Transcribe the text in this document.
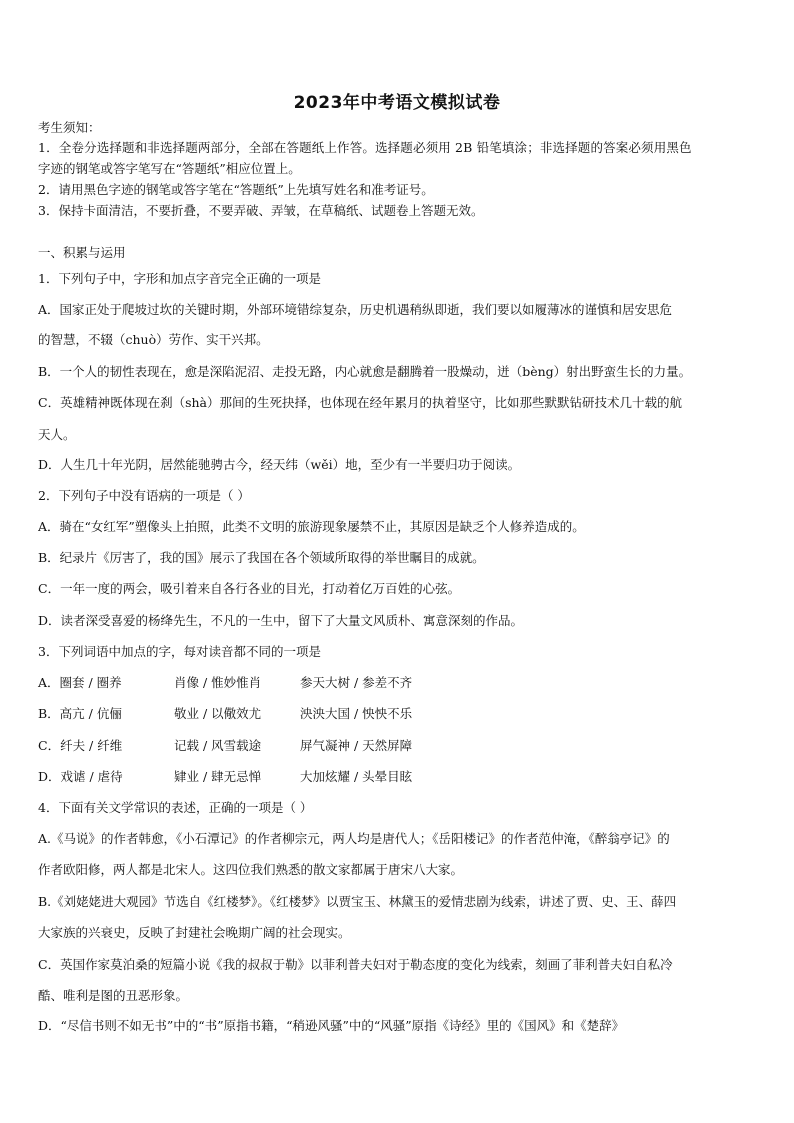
2023年中考语文模拟试卷
考生须知：
1．全卷分选择题和非选择题两部分，全部在答题纸上作答。选择题必须用 2B 铅笔填涂；非选择题的答案必须用黑色
字迹的钢笔或答字笔写在“答题纸”相应位置上。
2．请用黑色字迹的钢笔或答字笔在“答题纸”上先填写姓名和准考证号。
3．保持卡面清洁，不要折叠，不要弄破、弄皱，在草稿纸、试题卷上答题无效。
一、积累与运用
1．下列句子中，字形和加点字音完全正确的一项是
A．国家正处于爬坡过坎的关键时期，外部环境错综复杂，历史机遇稍纵即逝，我们要以如履薄冰的谨慎和居安思危
的智慧，不辍（chuò）劳作、实干兴邦。
B．一个人的韧性表现在，愈是深陷泥沼、走投无路，内心就愈是翻腾着一股燥动，迸（bèng）射出野蛮生长的力量。
C．英雄精神既体现在刹（shà）那间的生死抉择，也体现在经年累月的执着坚守，比如那些默默钻研技术几十载的航
天人。
D．人生几十年光阴，居然能驰骋古今，经天纬（wěi）地，至少有一半要归功于阅读。
2．下列句子中没有语病的一项是（ ）
A．骑在“女红军”塑像头上拍照，此类不文明的旅游现象屡禁不止，其原因是缺乏个人修养造成的。
B．纪录片《厉害了，我的国》展示了我国在各个领域所取得的举世瞩目的成就。
C．一年一度的两会，吸引着来自各行各业的目光，打动着亿万百姓的心弦。
D．读者深受喜爱的杨绛先生，不凡的一生中，留下了大量文风质朴、寓意深刻的作品。
3．下列词语中加点的字，每对读音都不同的一项是
A．圈套 / 圈养	肖像 / 惟妙惟肖	参天大树 / 参差不齐
B．高亢 / 伉俪	敬业 / 以儆效尤	泱泱大国 / 怏怏不乐
C．纤夫 / 纤维	记载 / 风雪载途	屏气凝神 / 天然屏障
D．戏谑 / 虐待	肄业 / 肆无忌惮	大加炫耀 / 头晕目眩
4．下面有关文学常识的表述，正确的一项是（ ）
A.《马说》的作者韩愈，《小石潭记》的作者柳宗元，两人均是唐代人；《岳阳楼记》的作者范仲淹，《醉翁亭记》的
作者欧阳修，两人都是北宋人。这四位我们熟悉的散文家都属于唐宋八大家。
B.《刘姥姥进大观园》节选自《红楼梦》。《红楼梦》以贾宝玉、林黛玉的爱情悲剧为线索，讲述了贾、史、王、薛四
大家族的兴衰史，反映了封建社会晚期广阔的社会现实。
C．英国作家莫泊桑的短篇小说《我的叔叔于勒》以菲利普夫妇对于勒态度的变化为线索，刻画了菲利普夫妇自私冷
酷、唯利是图的丑恶形象。
D．“尽信书则不如无书”中的“书”原指书籍，“稍逊风骚”中的“风骚”原指《诗经》里的《国风》和《楚辞》
